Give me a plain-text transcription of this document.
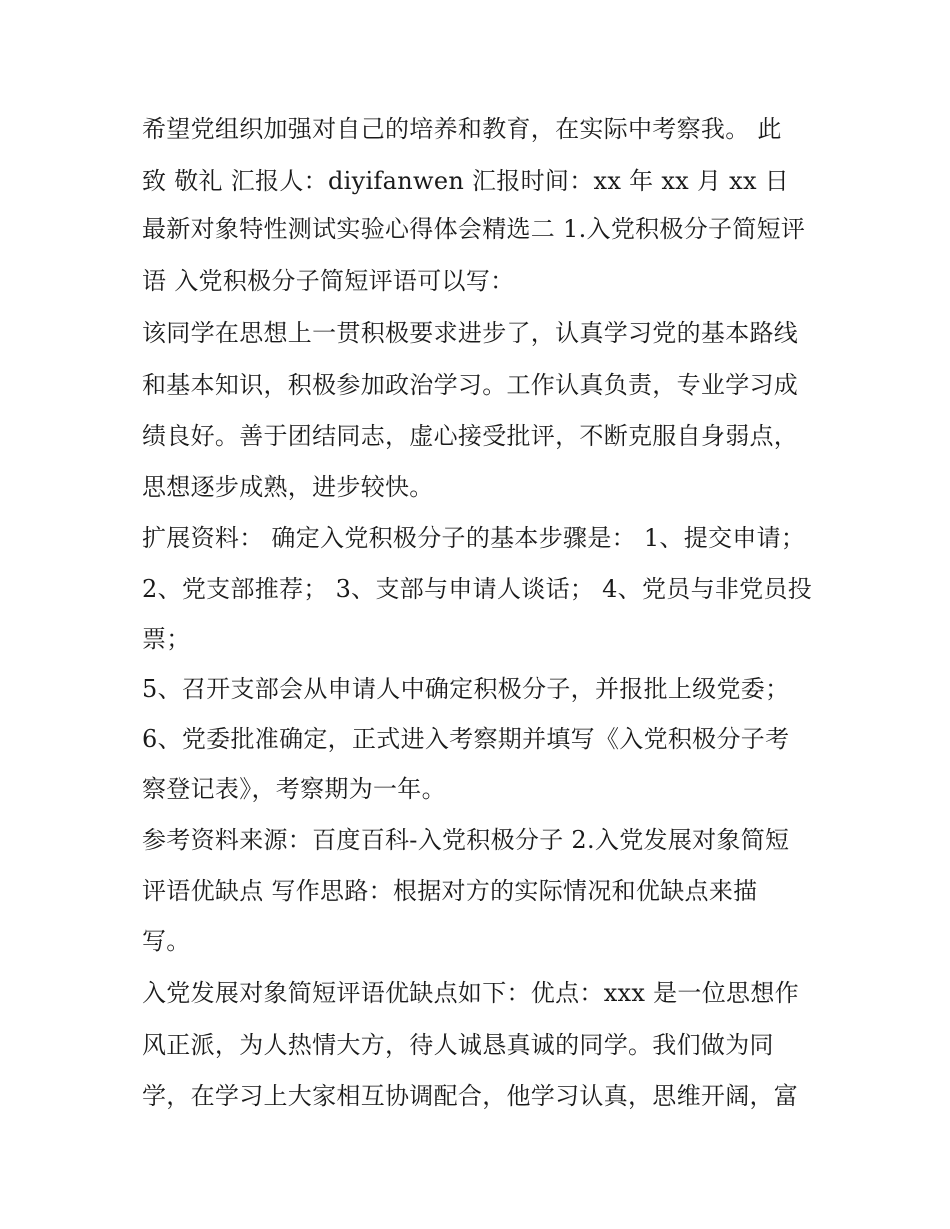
希望党组织加强对自己的培养和教育，在实际中考察我。 此
致 敬礼 汇报人：diyifanwen 汇报时间：xx 年 xx 月 xx 日
最新对象特性测试实验心得体会精选二 1.入党积极分子简短评
语 入党积极分子简短评语可以写：
该同学在思想上一贯积极要求进步了，认真学习党的基本路线
和基本知识，积极参加政治学习。工作认真负责，专业学习成
绩良好。善于团结同志，虚心接受批评，不断克服自身弱点，
思想逐步成熟，进步较快。
扩展资料： 确定入党积极分子的基本步骤是： 1、提交申请；
2、党支部推荐； 3、支部与申请人谈话； 4、党员与非党员投
票；
5、召开支部会从申请人中确定积极分子，并报批上级党委；
6、党委批准确定，正式进入考察期并填写《入党积极分子考
察登记表》，考察期为一年。
参考资料来源：百度百科-入党积极分子 2.入党发展对象简短
评语优缺点 写作思路：根据对方的实际情况和优缺点来描
写。
入党发展对象简短评语优缺点如下：优点：xxx 是一位思想作
风正派，为人热情大方，待人诚恳真诚的同学。我们做为同
学，在学习上大家相互协调配合，他学习认真，思维开阔，富
